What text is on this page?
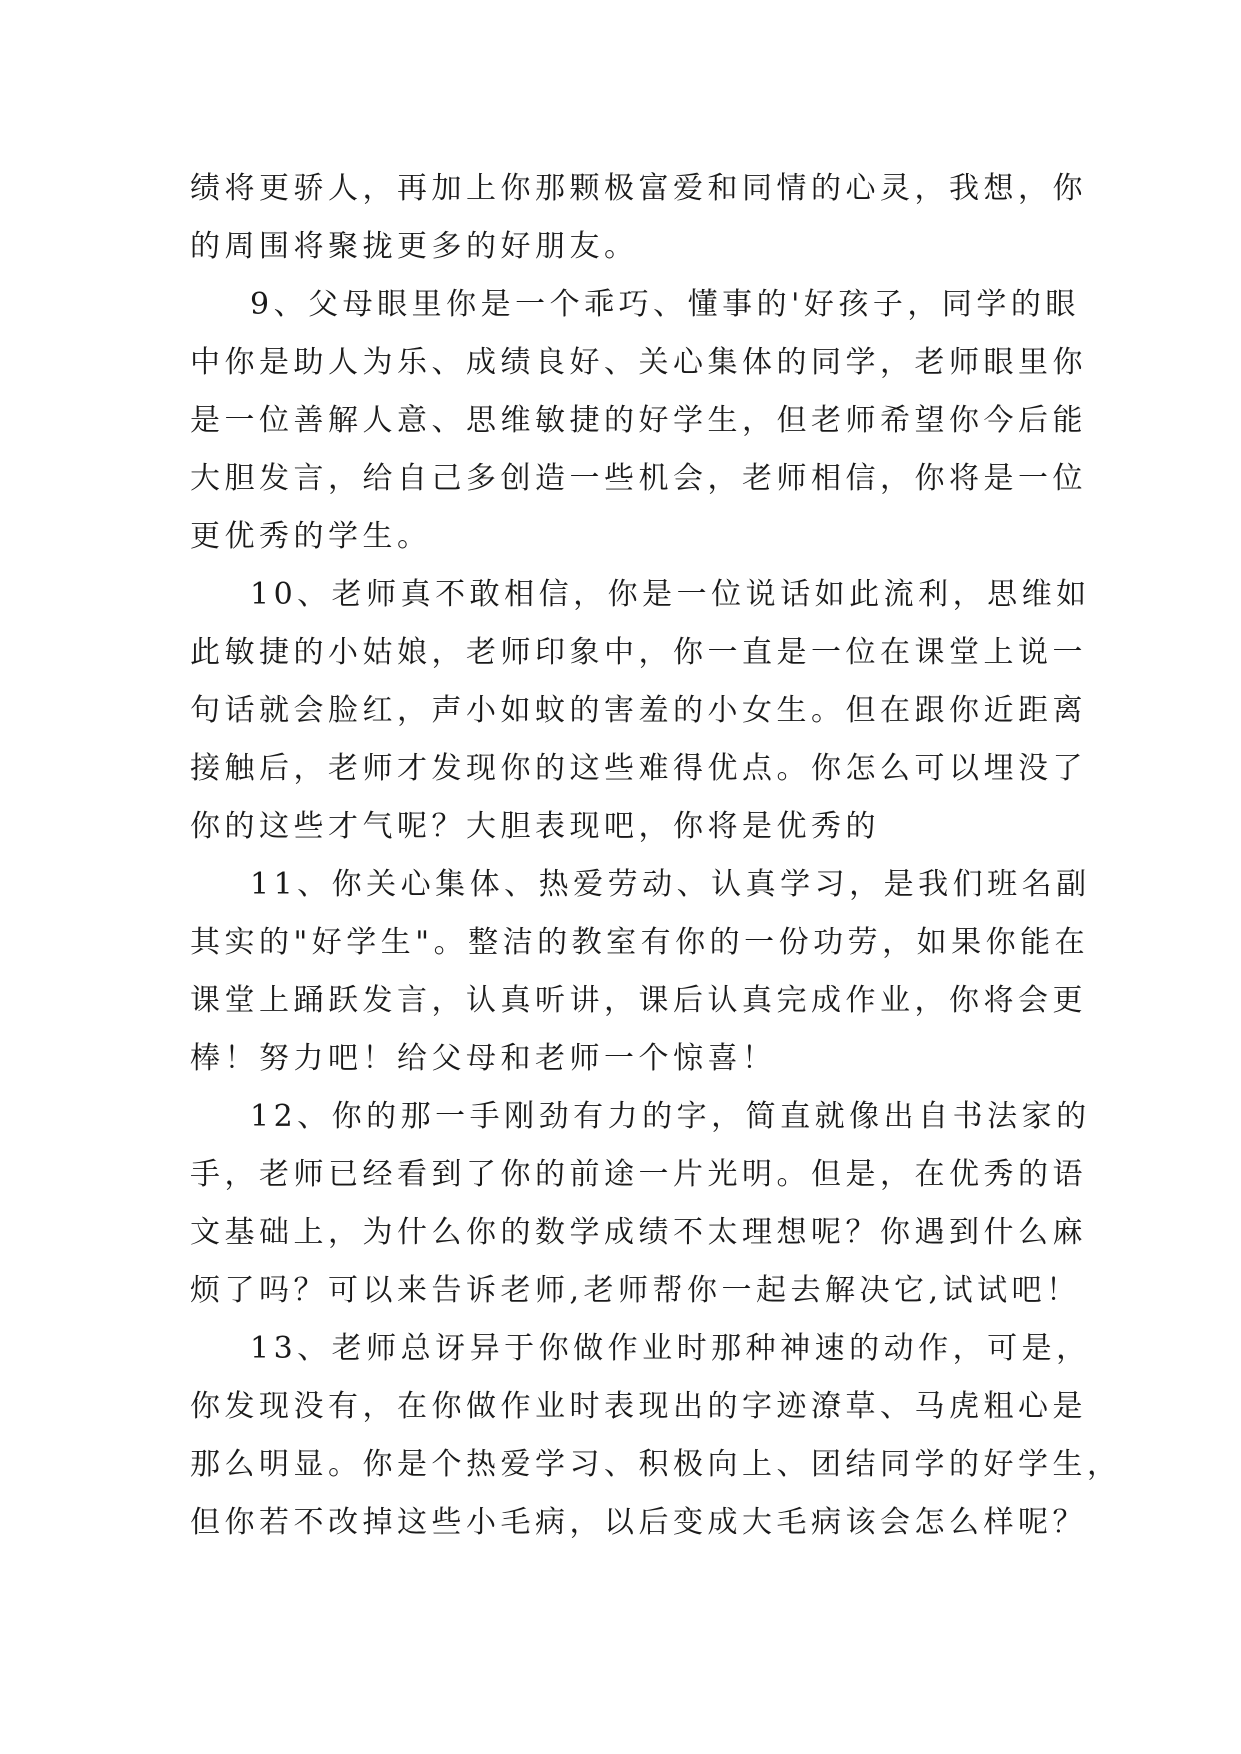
绩将更骄人，再加上你那颗极富爱和同情的心灵，我想，你
的周围将聚拢更多的好朋友。
9、父母眼里你是一个乖巧、懂事的'好孩子，同学的眼
中你是助人为乐、成绩良好、关心集体的同学，老师眼里你
是一位善解人意、思维敏捷的好学生，但老师希望你今后能
大胆发言，给自己多创造一些机会，老师相信，你将是一位
更优秀的学生。
10、老师真不敢相信，你是一位说话如此流利，思维如
此敏捷的小姑娘，老师印象中，你一直是一位在课堂上说一
句话就会脸红，声小如蚊的害羞的小女生。但在跟你近距离
接触后，老师才发现你的这些难得优点。你怎么可以埋没了
你的这些才气呢？大胆表现吧，你将是优秀的
11、你关心集体、热爱劳动、认真学习，是我们班名副
其实的"好学生"。整洁的教室有你的一份功劳，如果你能在
课堂上踊跃发言，认真听讲，课后认真完成作业，你将会更
棒！努力吧！给父母和老师一个惊喜！
12、你的那一手刚劲有力的字，简直就像出自书法家的
手，老师已经看到了你的前途一片光明。但是，在优秀的语
文基础上，为什么你的数学成绩不太理想呢？你遇到什么麻
烦了吗？可以来告诉老师,老师帮你一起去解决它,试试吧！
13、老师总讶异于你做作业时那种神速的动作，可是，
你发现没有，在你做作业时表现出的字迹潦草、马虎粗心是
那么明显。你是个热爱学习、积极向上、团结同学的好学生，
但你若不改掉这些小毛病，以后变成大毛病该会怎么样呢？
